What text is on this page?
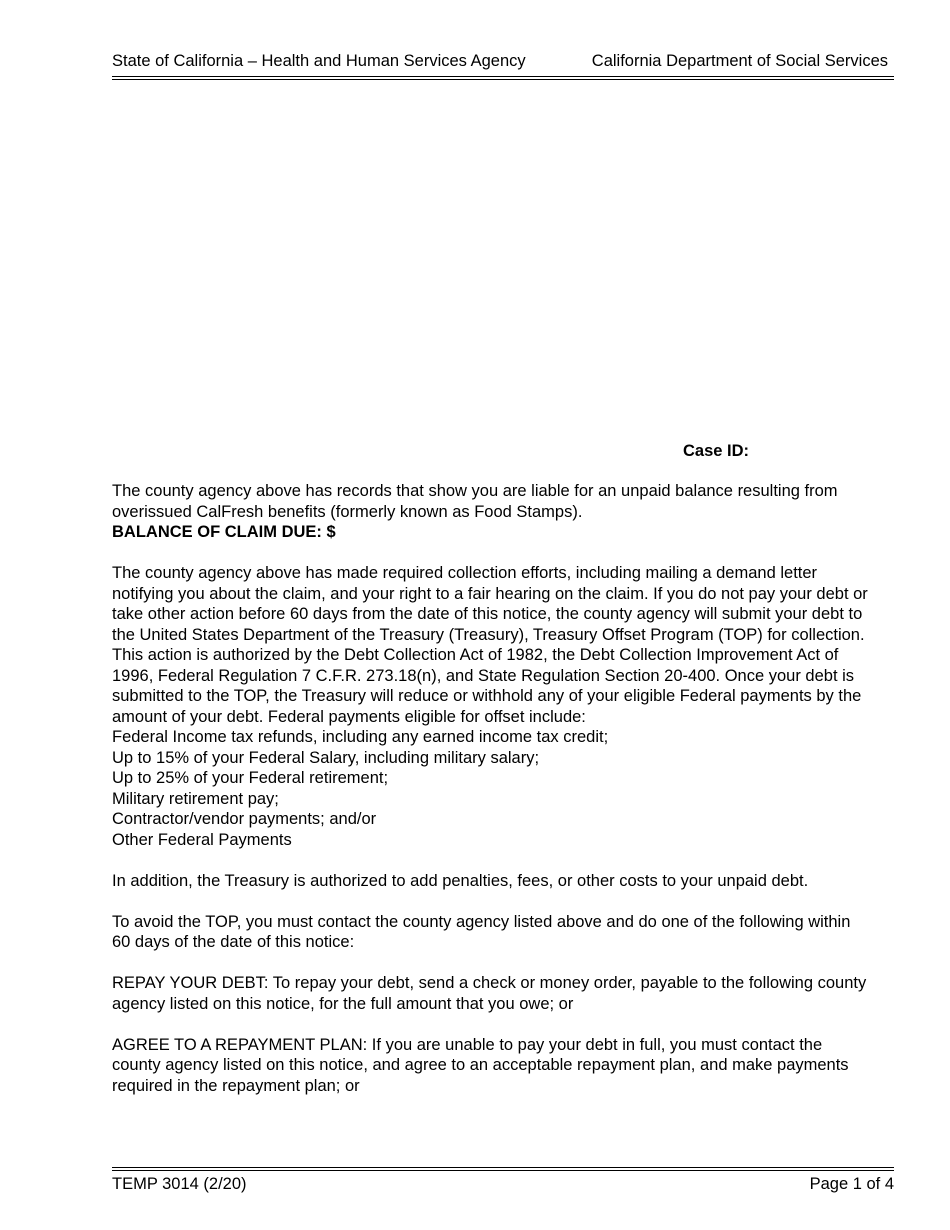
State of California – Health and Human Services Agency	California Department of Social Services
Case ID:

The county agency above has records that show you are liable for an unpaid balance resulting from

overissued CalFresh benefits (formerly known as Food Stamps).

BALANCE OF CLAIM DUE: $

The county agency above has made required collection efforts, including mailing a demand letter

notifying you about the claim, and your right to a fair hearing on the claim. If you do not pay your debt or

take other action before 60 days from the date of this notice, the county agency will submit your debt to

the United States Department of the Treasury (Treasury), Treasury Offset Program (TOP) for collection.

This action is authorized by the Debt Collection Act of 1982, the Debt Collection Improvement Act of

1996, Federal Regulation 7 C.F.R. 273.18(n), and State Regulation Section 20-400. Once your debt is

submitted to the TOP, the Treasury will reduce or withhold any of your eligible Federal payments by the

amount of your debt. Federal payments eligible for offset include:

Federal Income tax refunds, including any earned income tax credit;

Up to 15% of your Federal Salary, including military salary;

Up to 25% of your Federal retirement;

Military retirement pay;

Contractor/vendor payments; and/or

Other Federal Payments

In addition, the Treasury is authorized to add penalties, fees, or other costs to your unpaid debt.

To avoid the TOP, you must contact the county agency listed above and do one of the following within

60 days of the date of this notice:

REPAY YOUR DEBT: To repay your debt, send a check or money order, payable to the following county

agency listed on this notice, for the full amount that you owe; or

AGREE TO A REPAYMENT PLAN: If you are unable to pay your debt in full, you must contact the

county agency listed on this notice, and agree to an acceptable repayment plan, and make payments

required in the repayment plan; or

TEMP 3014 (2/20)	Page 1 of 4
